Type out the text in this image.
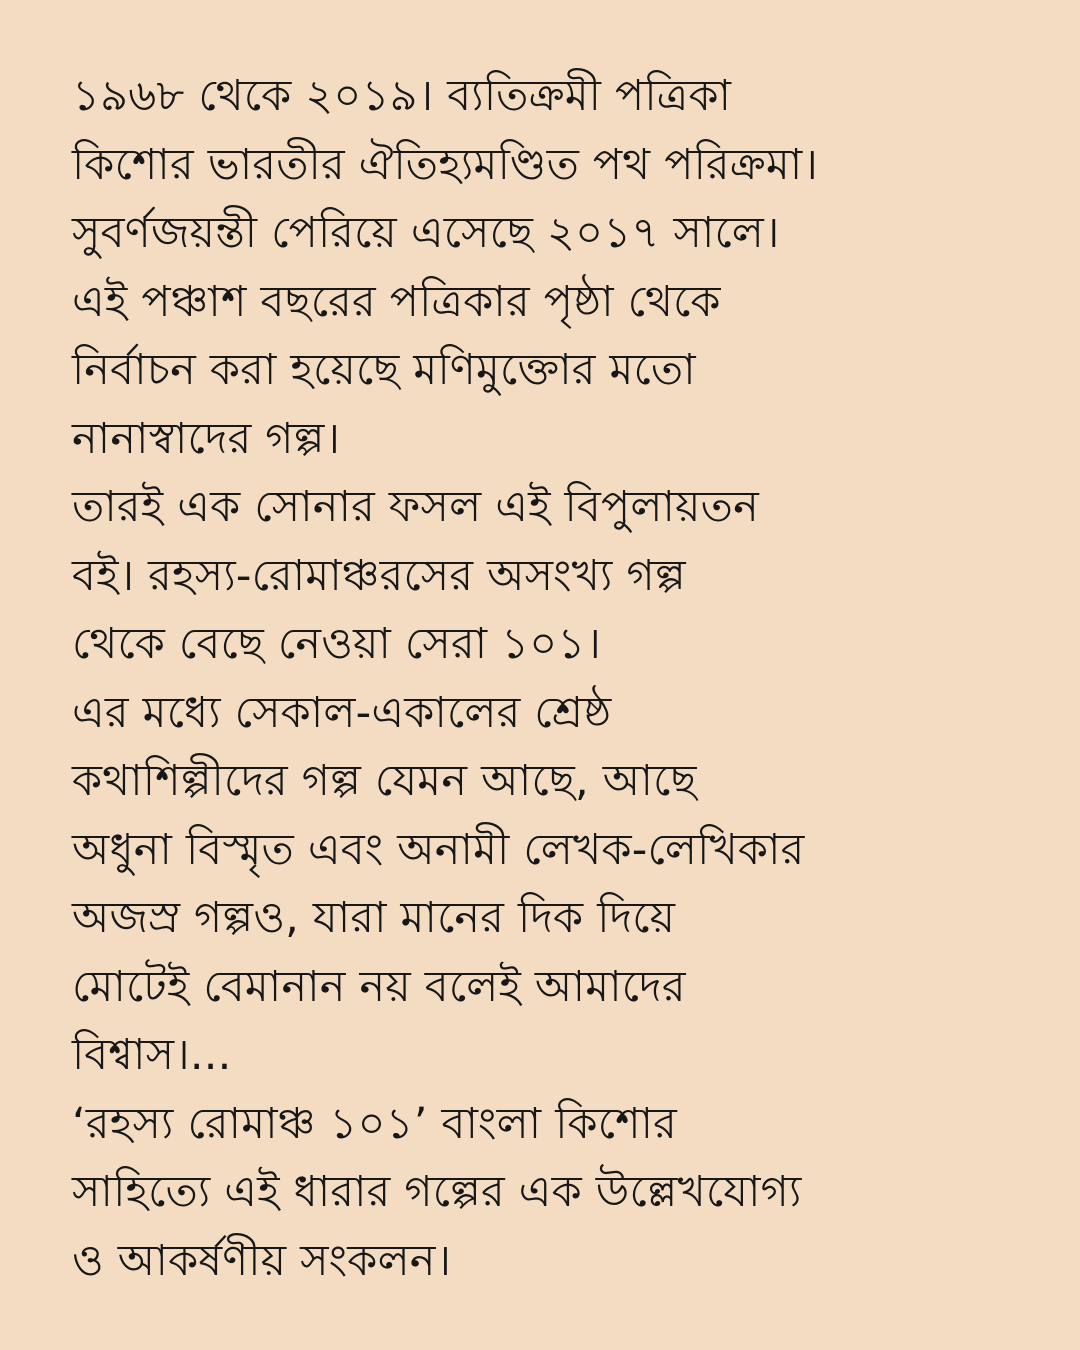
১৯৬৮ থেকে ২০১৯। ব্যতিক্রমী পত্রিকা
কিশোর ভারতীর ঐতিহ্যমণ্ডিত পথ পরিক্রমা।
সুবর্ণজয়ন্তী পেরিয়ে এসেছে ২০১৭ সালে।
এই পঞ্চাশ বছরের পত্রিকার পৃষ্ঠা থেকে
নির্বাচন করা হয়েছে মণিমুক্তোর মতো
নানাস্বাদের গল্প।
তারই এক সোনার ফসল এই বিপুলায়তন
বই। রহস্য-রোমাঞ্চরসের অসংখ্য গল্প
থেকে বেছে নেওয়া সেরা ১০১।
এর মধ্যে সেকাল-একালের শ্রেষ্ঠ
কথাশিল্পীদের গল্প যেমন আছে, আছে
অধুনা বিস্মৃত এবং অনামী লেখক-লেখিকার
অজস্র গল্পও, যারা মানের দিক দিয়ে
মোটেই বেমানান নয় বলেই আমাদের
বিশ্বাস।...
‘রহস্য রোমাঞ্চ ১০১’ বাংলা কিশোর
সাহিত্যে এই ধারার গল্পের এক উল্লেখযোগ্য
ও আকর্ষণীয় সংকলন।
